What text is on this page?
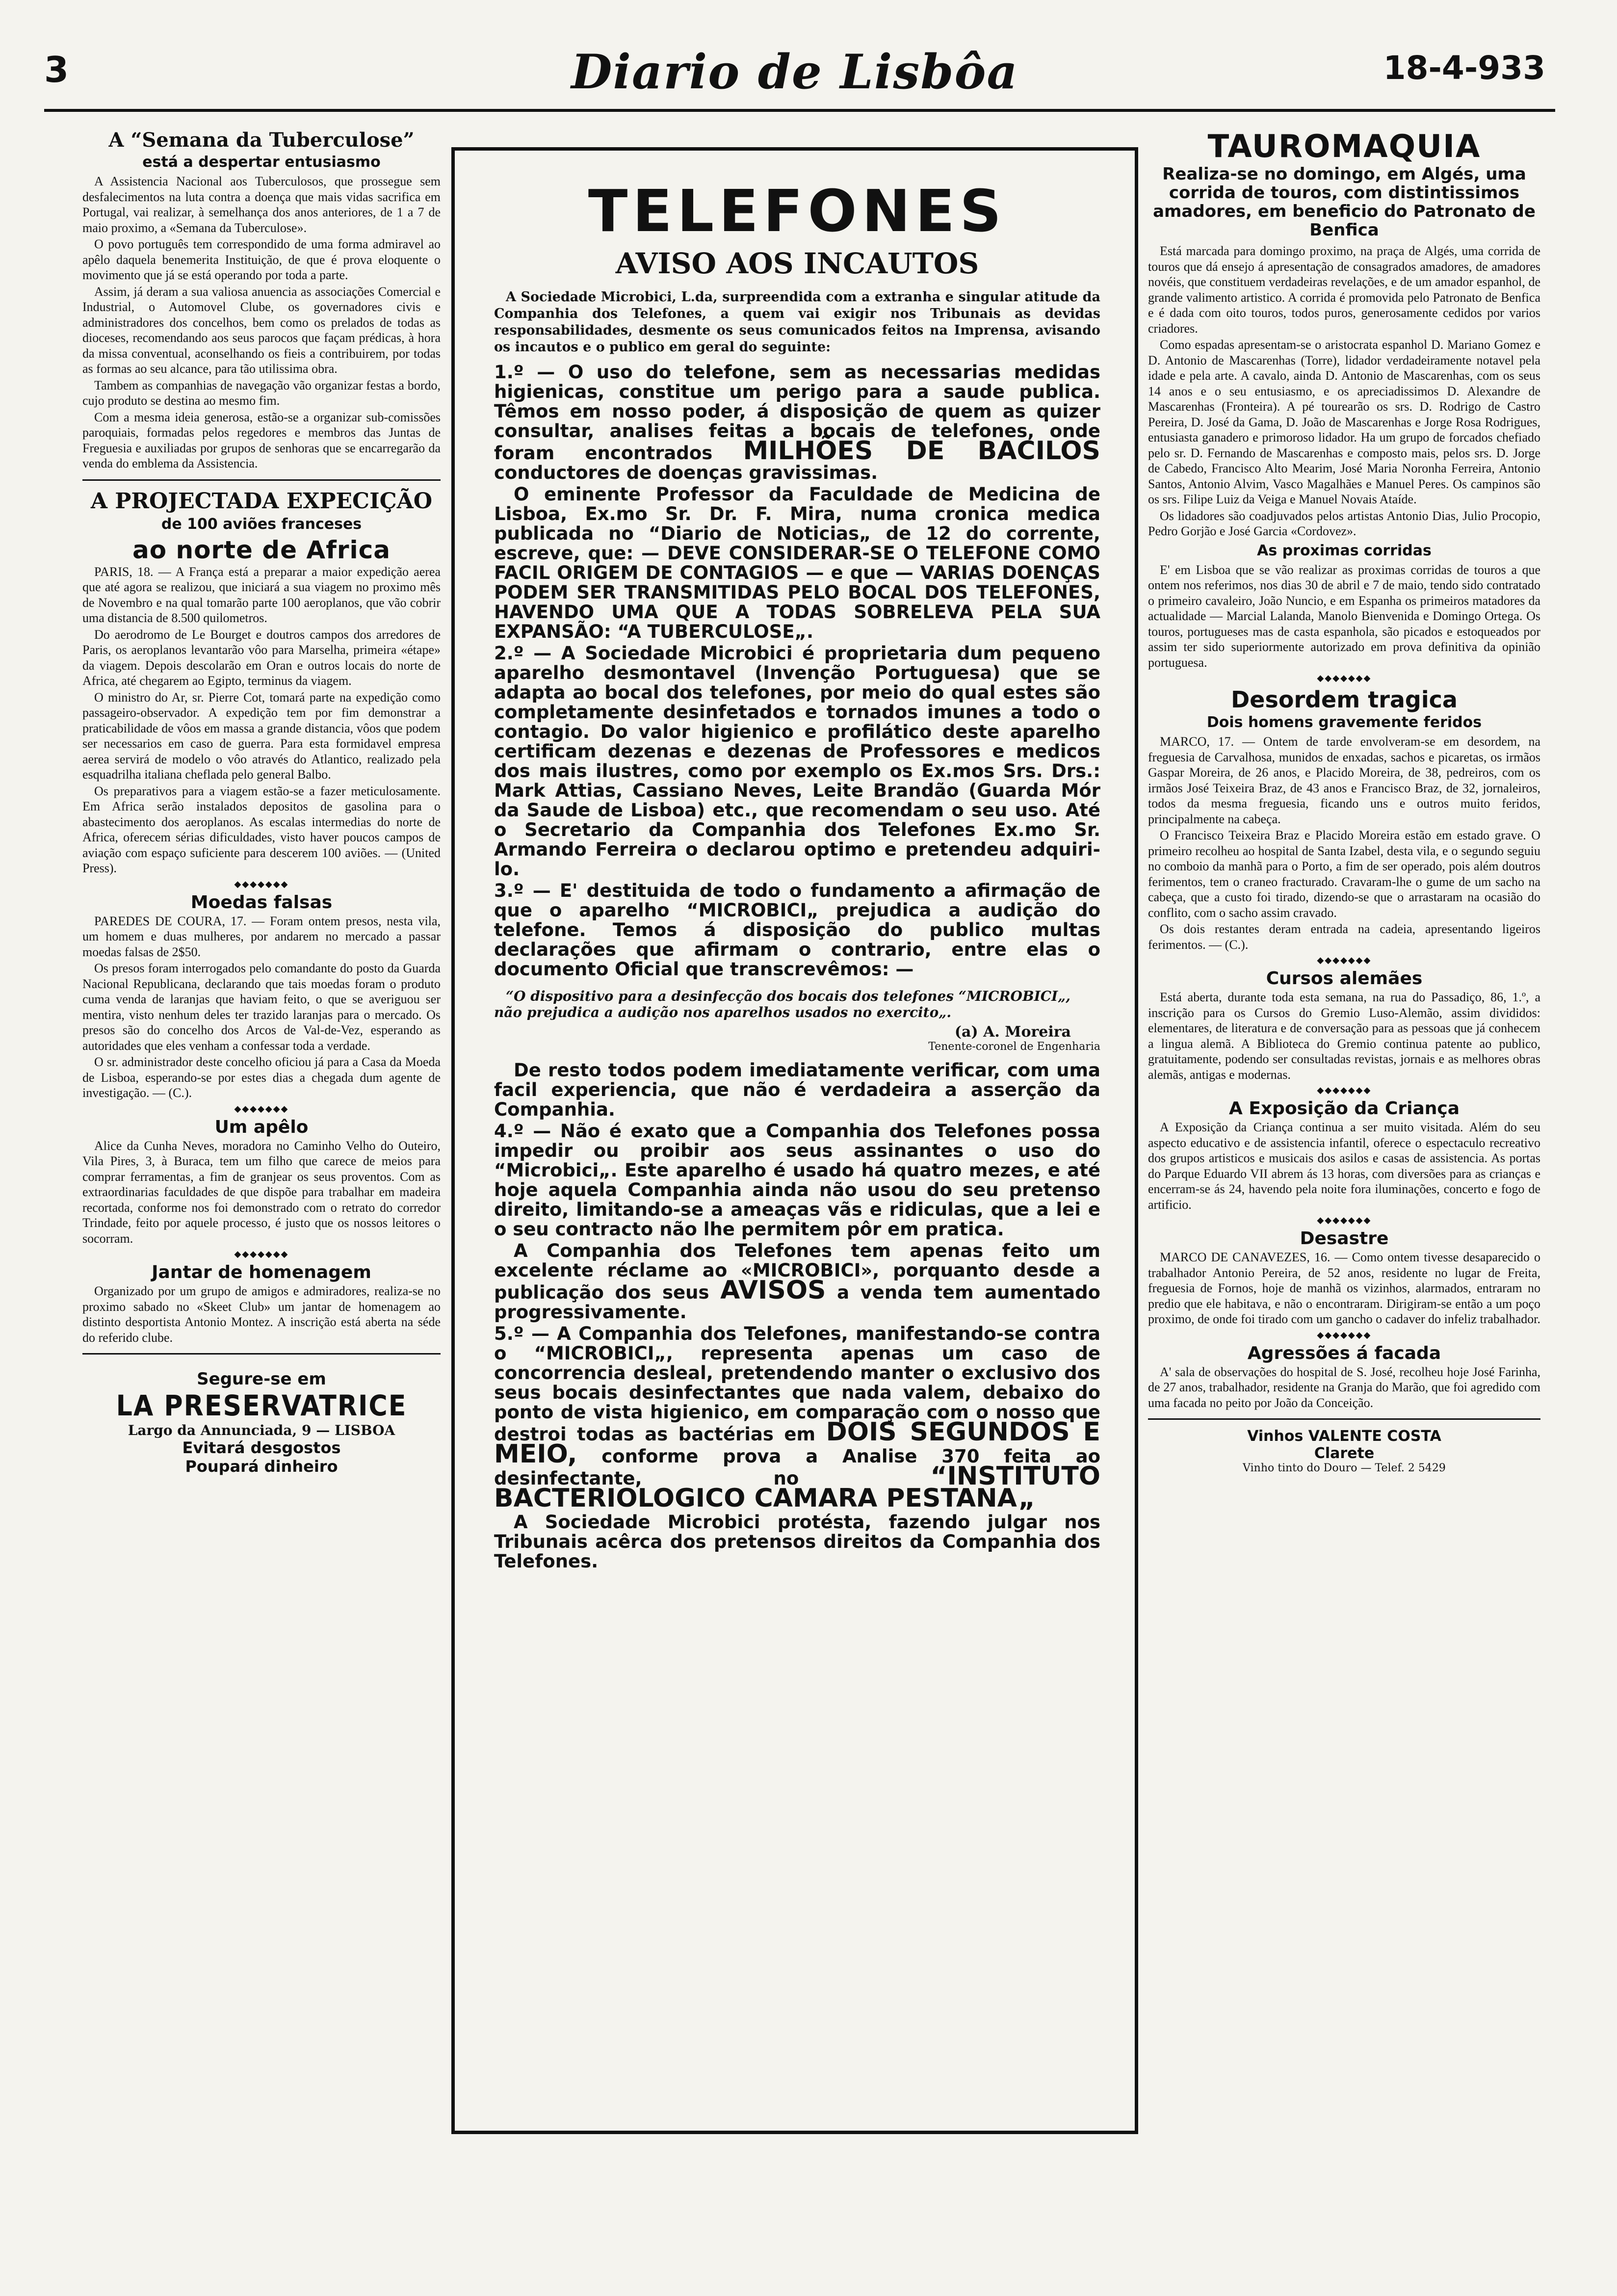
3	Diario de Lisbôa	18-4-933
A “Semana da Tuberculose”
está a despertar entusiasmo

A Assistencia Nacional aos Tuberculosos, que prossegue sem desfalecimentos na luta contra a doença que mais vidas sacrifica em Portugal, vai realizar, à semelhança dos anos anteriores, de 1 a 7 de maio proximo, a «Semana da Tuberculose».

O povo português tem correspondido de uma forma admiravel ao apêlo daquela benemerita Instituição, de que é prova eloquente o movimento que já se está operando por toda a parte.

Assim, já deram a sua valiosa anuencia as associações Comercial e Industrial, o Automovel Clube, os governadores civis e administradores dos concelhos, bem como os prelados de todas as dioceses, recomendando aos seus parocos que façam prédicas, à hora da missa conventual, aconselhando os fieis a contribuirem, por todas as formas ao seu alcance, para tão utilissima obra.

Tambem as companhias de navegação vão organizar festas a bordo, cujo produto se destina ao mesmo fim.

Com a mesma ideia generosa, estão-se a organizar sub-comissões paroquiais, formadas pelos regedores e membros das Juntas de Freguesia e auxiliadas por grupos de senhoras que se encarregarão da venda do emblema da Assistencia.

A PROJECTADA EXPECIÇÃO
de 100 aviões franceses
ao norte de Africa

PARIS, 18. — A França está a preparar a maior expedição aerea que até agora se realizou, que iniciará a sua viagem no proximo mês de Novembro e na qual tomarão parte 100 aeroplanos, que vão cobrir uma distancia de 8.500 quilometros.

Do aerodromo de Le Bourget e doutros campos dos arredores de Paris, os aeroplanos levantarão vôo para Marselha, primeira «étape» da viagem. Depois descolarão em Oran e outros locais do norte de Africa, até chegarem ao Egipto, terminus da viagem.

O ministro do Ar, sr. Pierre Cot, tomará parte na expedição como passageiro-observador. A expedição tem por fim demonstrar a praticabilidade de vôos em massa a grande distancia, vôos que podem ser necessarios em caso de guerra. Para esta formidavel empresa aerea servirá de modelo o vôo através do Atlantico, realizado pela esquadrilha italiana cheflada pelo general Balbo.

Os preparativos para a viagem estão-se a fazer meticulosamente. Em Africa serão instalados depositos de gasolina para o abastecimento dos aeroplanos. As escalas intermedias do norte de Africa, oferecem sérias dificuldades, visto haver poucos campos de aviação com espaço suficiente para descerem 100 aviões. — (United Press).

◆◆◆◆◆◆◆
Moedas falsas

PAREDES DE COURA, 17. — Foram ontem presos, nesta vila, um homem e duas mulheres, por andarem no mercado a passar moedas falsas de 2$50.

Os presos foram interrogados pelo comandante do posto da Guarda Nacional Republicana, declarando que tais moedas foram o produto cuma venda de laranjas que haviam feito, o que se averiguou ser mentira, visto nenhum deles ter trazido laranjas para o mercado. Os presos são do concelho dos Arcos de Val-de-Vez, esperando as autoridades que eles venham a confessar toda a verdade.

O sr. administrador deste concelho oficiou já para a Casa da Moeda de Lisboa, esperando-se por estes dias a chegada dum agente de investigação. — (C.).

◆◆◆◆◆◆◆
Um apêlo

Alice da Cunha Neves, moradora no Caminho Velho do Outeiro, Vila Pires, 3, à Buraca, tem um filho que carece de meios para comprar ferramentas, a fim de granjear os seus proventos. Com as extraordinarias faculdades de que dispõe para trabalhar em madeira recortada, conforme nos foi demonstrado com o retrato do corredor Trindade, feito por aquele processo, é justo que os nossos leitores o socorram.

◆◆◆◆◆◆◆
Jantar de homenagem

Organizado por um grupo de amigos e admiradores, realiza-se no proximo sabado no «Skeet Club» um jantar de homenagem ao distinto desportista Antonio Montez. A inscrição está aberta na séde do referido clube.

Segure-se em
LA PRESERVATRICE
Largo da Annunciada, 9 — LISBOA
Evitará desgostos
Poupará dinheiro
TELEFONES
AVISO AOS INCAUTOS
A Sociedade Microbici, L.da, surpreendida com a extranha e singular atitude da Companhia dos Telefones, a quem vai exigir nos Tribunais as devidas responsabilidades, desmente os seus comunicados feitos na Imprensa, avisando os incautos e o publico em geral do seguinte:
1.º — O uso do telefone, sem as necessarias medidas higienicas, constitue um perigo para a saude publica. Têmos em nosso poder, á disposição de quem as quizer consultar, analises feitas a bocais de telefones, onde foram encontrados MILHÕES DE BACILOS conductores de doenças gravissimas.
O eminente Professor da Faculdade de Medicina de Lisboa, Ex.mo Sr. Dr. F. Mira, numa cronica medica publicada no “Diario de Noticias„ de 12 do corrente, escreve, que: — DEVE CONSIDERAR-SE O TELEFONE COMO FACIL ORIGEM DE CONTAGIOS — e que — VARIAS DOENÇAS PODEM SER TRANSMITIDAS PELO BOCAL DOS TELEFONES, HAVENDO UMA QUE A TODAS SOBRELEVA PELA SUA EXPANSÃO: “A TUBERCULOSE„.
2.º — A Sociedade Microbici é proprietaria dum pequeno aparelho desmontavel (Invenção Portuguesa) que se adapta ao bocal dos telefones, por meio do qual estes são completamente desinfetados e tornados imunes a todo o contagio. Do valor higienico e profilático deste aparelho certificam dezenas e dezenas de Professores e medicos dos mais ilustres, como por exemplo os Ex.mos Srs. Drs.: Mark Attias, Cassiano Neves, Leite Brandão (Guarda Mór da Saude de Lisboa) etc., que recomendam o seu uso. Até o Secretario da Companhia dos Telefones Ex.mo Sr. Armando Ferreira o declarou optimo e pretendeu adquiri-lo.
3.º — E' destituida de todo o fundamento a afirmação de que o aparelho “MICROBICI„ prejudica a audição do telefone. Temos á disposição do publico multas declarações que afirmam o contrario, entre elas o documento Oficial que transcrevêmos: —
“O dispositivo para a desinfecção dos bocais dos telefones “MICROBICI„, não prejudica a audição nos aparelhos usados no exercito„.
(a) A. Moreira
Tenente-coronel de Engenharia
De resto todos podem imediatamente verificar, com uma facil experiencia, que não é verdadeira a asserção da Companhia.
4.º — Não é exato que a Companhia dos Telefones possa impedir ou proibir aos seus assinantes o uso do “Microbici„. Este aparelho é usado há quatro mezes, e até hoje aquela Companhia ainda não usou do seu pretenso direito, limitando-se a ameaças vãs e ridiculas, que a lei e o seu contracto não lhe permitem pôr em pratica.
A Companhia dos Telefones tem apenas feito um excelente réclame ao «MICROBICI», porquanto desde a publicação dos seus AVISOS a venda tem aumentado progressivamente.
5.º — A Companhia dos Telefones, manifestando-se contra o “MICROBICI„, representa apenas um caso de concorrencia desleal, pretendendo manter o exclusivo dos seus bocais desinfectantes que nada valem, debaixo do ponto de vista higienico, em comparação com o nosso que destroi todas as bactérias em DOIS SEGUNDOS E MEIO, conforme prova a Analise 370 feita ao desinfectante, no	“INSTITUTO BACTERIOLOGICO CAMARA PESTANA„
A Sociedade Microbici protésta, fazendo julgar nos Tribunais acêrca dos pretensos direitos da Companhia dos Telefones.
TAUROMAQUIA
Realiza-se no domingo, em Algés, uma corrida de touros, com distintissimos amadores, em beneficio do Patronato de Benfica

Está marcada para domingo proximo, na praça de Algés, uma corrida de touros que dá ensejo á apresentação de consagrados amadores, de amadores novéis, que constituem verdadeiras revelações, e de um amador espanhol, de grande valimento artistico. A corrida é promovida pelo Patronato de Benfica e é dada com oito touros, todos puros, generosamente cedidos por varios criadores.

Como espadas apresentam-se o aristocrata espanhol D. Mariano Gomez e D. Antonio de Mascarenhas (Torre), lidador verdadeiramente notavel pela idade e pela arte. A cavalo, ainda D. Antonio de Mascarenhas, com os seus 14 anos e o seu entusiasmo, e os apreciadissimos D. Alexandre de Mascarenhas (Fronteira). A pé tourearão os srs. D. Rodrigo de Castro Pereira, D. José da Gama, D. João de Mascarenhas e Jorge Rosa Rodrigues, entusiasta ganadero e primoroso lidador. Ha um grupo de forcados chefiado pelo sr. D. Fernando de Mascarenhas e composto mais, pelos srs. D. Jorge de Cabedo, Francisco Alto Mearim, José Maria Noronha Ferreira, Antonio Santos, Antonio Alvim, Vasco Magalhães e Manuel Peres. Os campinos são os srs. Filipe Luiz da Veiga e Manuel Novais Ataíde.

Os lidadores são coadjuvados pelos artistas Antonio Dias, Julio Procopio, Pedro Gorjão e José Garcia «Cordovez».

As proximas corridas

E' em Lisboa que se vão realizar as proximas corridas de touros a que ontem nos referimos, nos dias 30 de abril e 7 de maio, tendo sido contratado o primeiro cavaleiro, João Nuncio, e em Espanha os primeiros matadores da actualidade — Marcial Lalanda, Manolo Bienvenida e Domingo Ortega. Os touros, portugueses mas de casta espanhola, são picados e estoqueados por assim ter sido superiormente autorizado em prova definitiva da opinião portuguesa.

◆◆◆◆◆◆◆
Desordem tragica
Dois homens gravemente feridos

MARCO, 17. — Ontem de tarde envolveram-se em desordem, na freguesia de Carvalhosa, munidos de enxadas, sachos e picaretas, os irmãos Gaspar Moreira, de 26 anos, e Placido Moreira, de 38, pedreiros, com os irmãos José Teixeira Braz, de 43 anos e Francisco Braz, de 32, jornaleiros, todos da mesma freguesia, ficando uns e outros muito feridos, principalmente na cabeça.

O Francisco Teixeira Braz e Placido Moreira estão em estado grave. O primeiro recolheu ao hospital de Santa Izabel, desta vila, e o segundo seguiu no comboio da manhã para o Porto, a fim de ser operado, pois além doutros ferimentos, tem o craneo fracturado. Cravaram-lhe o gume de um sacho na cabeça, que a custo foi tirado, dizendo-se que o arrastaram na ocasião do conflito, com o sacho assim cravado.

Os dois restantes deram entrada na cadeia, apresentando ligeiros ferimentos. — (C.).

◆◆◆◆◆◆◆
Cursos alemães

Está aberta, durante toda esta semana, na rua do Passadiço, 86, 1.º, a inscrição para os Cursos do Gremio Luso-Alemão, assim divididos: elementares, de literatura e de conversação para as pessoas que já conhecem a lingua alemã. A Biblioteca do Gremio continua patente ao publico, gratuitamente, podendo ser consultadas revistas, jornais e as melhores obras alemãs, antigas e modernas.

◆◆◆◆◆◆◆
A Exposição da Criança

A Exposição da Criança continua a ser muito visitada. Além do seu aspecto educativo e de assistencia infantil, oferece o espectaculo recreativo dos grupos artisticos e musicais dos asilos e casas de assistencia. As portas do Parque Eduardo VII abrem ás 13 horas, com diversões para as crianças e encerram-se ás 24, havendo pela noite fora iluminações, concerto e fogo de artificio.

◆◆◆◆◆◆◆
Desastre

MARCO DE CANAVEZES, 16. — Como ontem tivesse desaparecido o trabalhador Antonio Pereira, de 52 anos, residente no lugar de Freita, freguesia de Fornos, hoje de manhã os vizinhos, alarmados, entraram no predio que ele habitava, e não o encontraram. Dirigiram-se então a um poço proximo, de onde foi tirado com um gancho o cadaver do infeliz trabalhador.

◆◆◆◆◆◆◆
Agressões á facada

A' sala de observações do hospital de S. José, recolheu hoje José Farinha, de 27 anos, trabalhador, residente na Granja do Marão, que foi agredido com uma facada no peito por João da Conceição.

Vinhos VALENTE COSTA
Clarete
Vinho tinto do Douro — Telef. 2 5429
